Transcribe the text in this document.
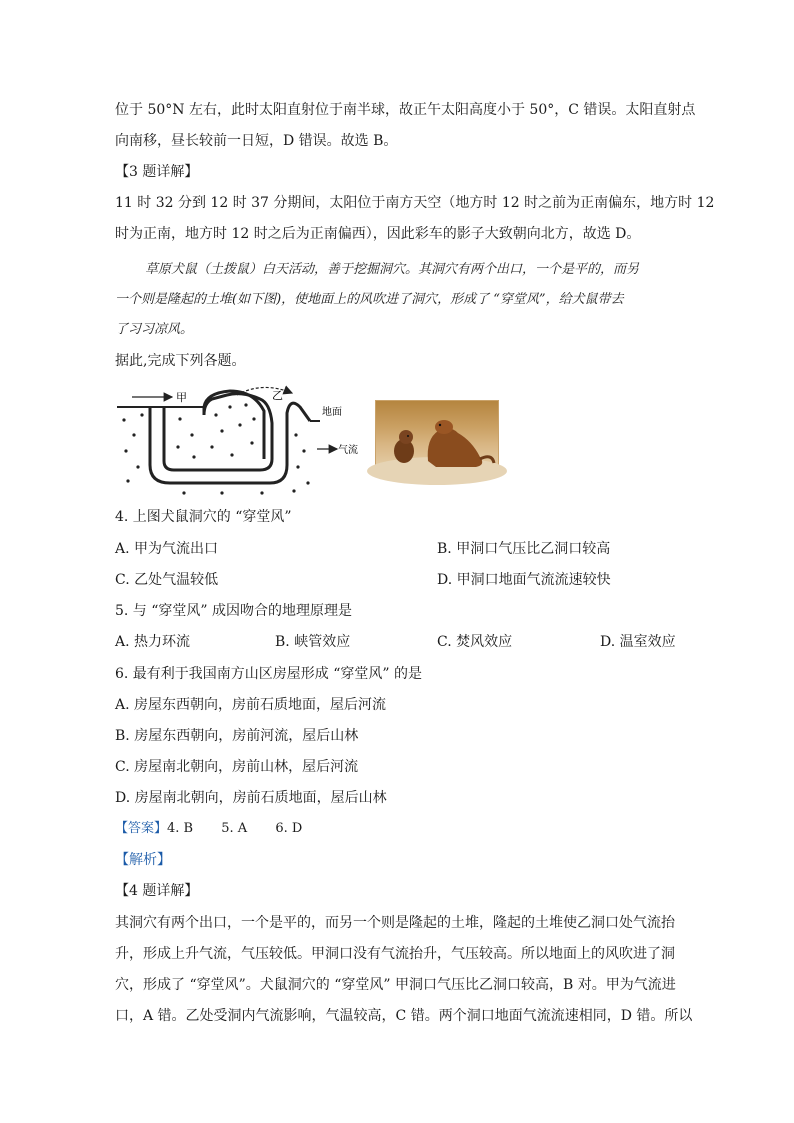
位于 50°N 左右，此时太阳直射位于南半球，故正午太阳高度小于 50°，C 错误。太阳直射点
向南移，昼长较前一日短，D 错误。故选 B。
【3 题详解】
11 时 32 分到 12 时 37 分期间，太阳位于南方天空（地方时 12 时之前为正南偏东，地方时 12
时为正南，地方时 12 时之后为正南偏西），因此彩车的影子大致朝向北方，故选 D。
草原犬鼠（土拨鼠）白天活动，善于挖掘洞穴。其洞穴有两个出口，一个是平的，而另
一个则是隆起的土堆(如下图)，使地面上的风吹进了洞穴，形成了 “穿堂风”，给犬鼠带去
了习习凉风。
据此,完成下列各题。
甲	乙
地面
气流
4. 上图犬鼠洞穴的 “穿堂风”
A. 甲为气流出口	B. 甲洞口气压比乙洞口较高
C. 乙处气温较低	D. 甲洞口地面气流流速较快
5. 与 “穿堂风” 成因吻合的地理原理是
A. 热力环流	B. 峡管效应	C. 焚风效应	D. 温室效应
6. 最有利于我国南方山区房屋形成 “穿堂风” 的是
A. 房屋东西朝向，房前石质地面，屋后河流
B. 房屋东西朝向，房前河流，屋后山林
C. 房屋南北朝向，房前山林，屋后河流
D. 房屋南北朝向，房前石质地面，屋后山林
【答案】4. B 5. A 6. D
【解析】
【4 题详解】
其洞穴有两个出口，一个是平的，而另一个则是隆起的土堆，隆起的土堆使乙洞口处气流抬
升，形成上升气流，气压较低。甲洞口没有气流抬升，气压较高。所以地面上的风吹进了洞
穴，形成了 “穿堂风”。犬鼠洞穴的 “穿堂风” 甲洞口气压比乙洞口较高，B 对。甲为气流进
口，A 错。乙处受洞内气流影响，气温较高，C 错。两个洞口地面气流流速相同，D 错。所以
